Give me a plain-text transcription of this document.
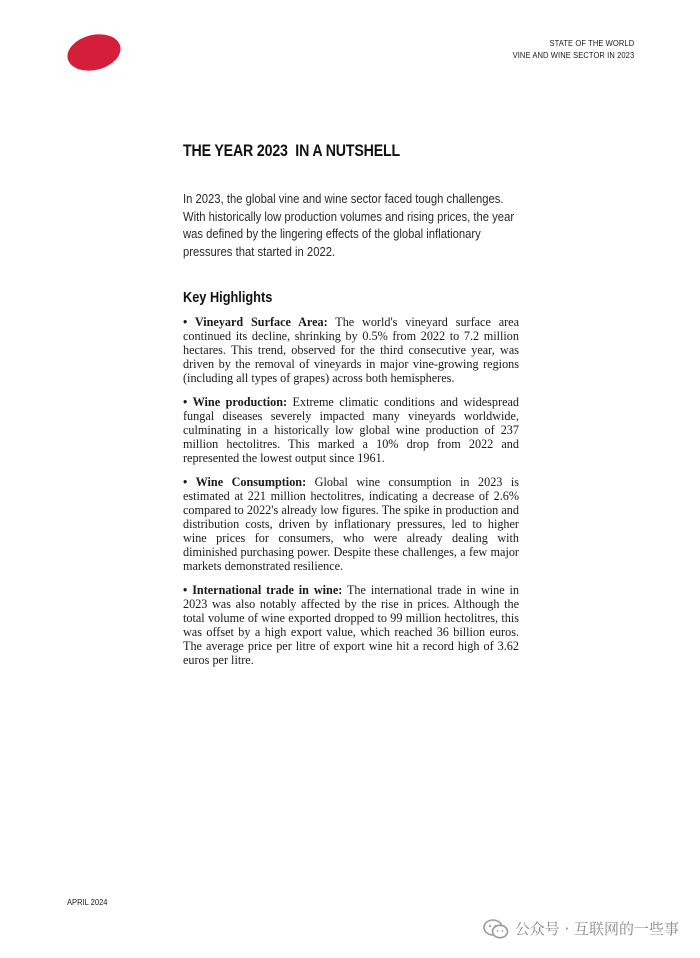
STATE OF THE WORLD
VINE AND WINE SECTOR IN 2023
THE YEAR 2023  IN A NUTSHELL

In 2023, the global vine and wine sector faced tough challenges. With historically low production volumes and rising prices, the year was defined by the lingering effects of the global inflationary pressures that started in 2022.

Key Highlights

• Vineyard Surface Area: The world's vineyard surface area continued its decline, shrinking by 0.5% from 2022 to 7.2 million hectares. This trend, observed for the third consecutive year, was driven by the removal of vineyards in major vine-growing regions (including all types of grapes) across both hemispheres.

• Wine production: Extreme climatic conditions and widespread fungal diseases severely impacted many vineyards worldwide, culminating in a historically low global wine production of 237 million hectolitres. This marked a 10% drop from 2022 and represented the lowest output since 1961.

• Wine Consumption: Global wine consumption in 2023 is estimated at 221 million hectolitres, indicating a decrease of 2.6% compared to 2022's already low figures. The spike in production and distribution costs, driven by inflationary pressures, led to higher wine prices for consumers, who were already dealing with diminished purchasing power. Despite these challenges, a few major markets demonstrated resilience.

• International trade in wine: The international trade in wine in 2023 was also notably affected by the rise in prices. Although the total volume of wine exported dropped to 99 million hectolitres, this was offset by a high export value, which reached 36 billion euros. The average price per litre of export wine hit a record high of 3.62 euros per litre.

APRIL 2024
公众号 · 互联网的一些事
